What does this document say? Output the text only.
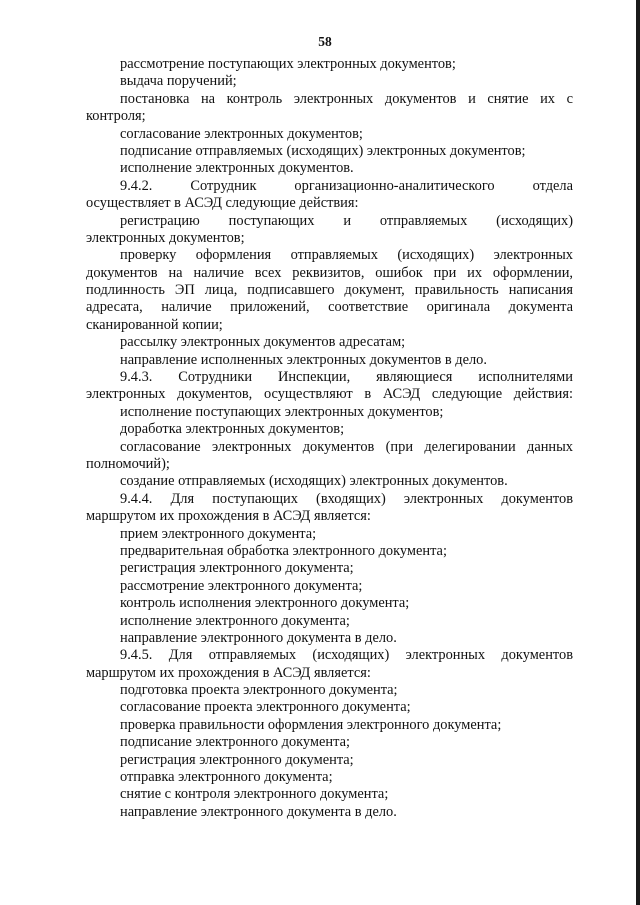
58
рассмотрение поступающих электронных документов;
выдача поручений;
постановка на контроль электронных документов и снятие их с
контроля;
согласование электронных документов;
подписание отправляемых (исходящих) электронных документов;
исполнение электронных документов.
9.4.2. Сотрудник организационно-аналитического отдела
осуществляет в АСЭД следующие действия:
регистрацию поступающих и отправляемых (исходящих)
электронных документов;
проверку оформления отправляемых (исходящих) электронных
документов на наличие всех реквизитов, ошибок при их оформлении,
подлинность ЭП лица, подписавшего документ, правильность написания
адресата, наличие приложений, соответствие оригинала документа
сканированной копии;
рассылку электронных документов адресатам;
направление исполненных электронных документов в дело.
9.4.3. Сотрудники Инспекции, являющиеся исполнителями
электронных документов, осуществляют в АСЭД следующие действия:
исполнение поступающих электронных документов;
доработка электронных документов;
согласование электронных документов (при делегировании данных
полномочий);
создание отправляемых (исходящих) электронных документов.
9.4.4. Для поступающих (входящих) электронных документов
маршрутом их прохождения в АСЭД является:
прием электронного документа;
предварительная обработка электронного документа;
регистрация электронного документа;
рассмотрение электронного документа;
контроль исполнения электронного документа;
исполнение электронного документа;
направление электронного документа в дело.
9.4.5. Для отправляемых (исходящих) электронных документов
маршрутом их прохождения в АСЭД является:
подготовка проекта электронного документа;
согласование проекта электронного документа;
проверка правильности оформления электронного документа;
подписание электронного документа;
регистрация электронного документа;
отправка электронного документа;
снятие с контроля электронного документа;
направление электронного документа в дело.
